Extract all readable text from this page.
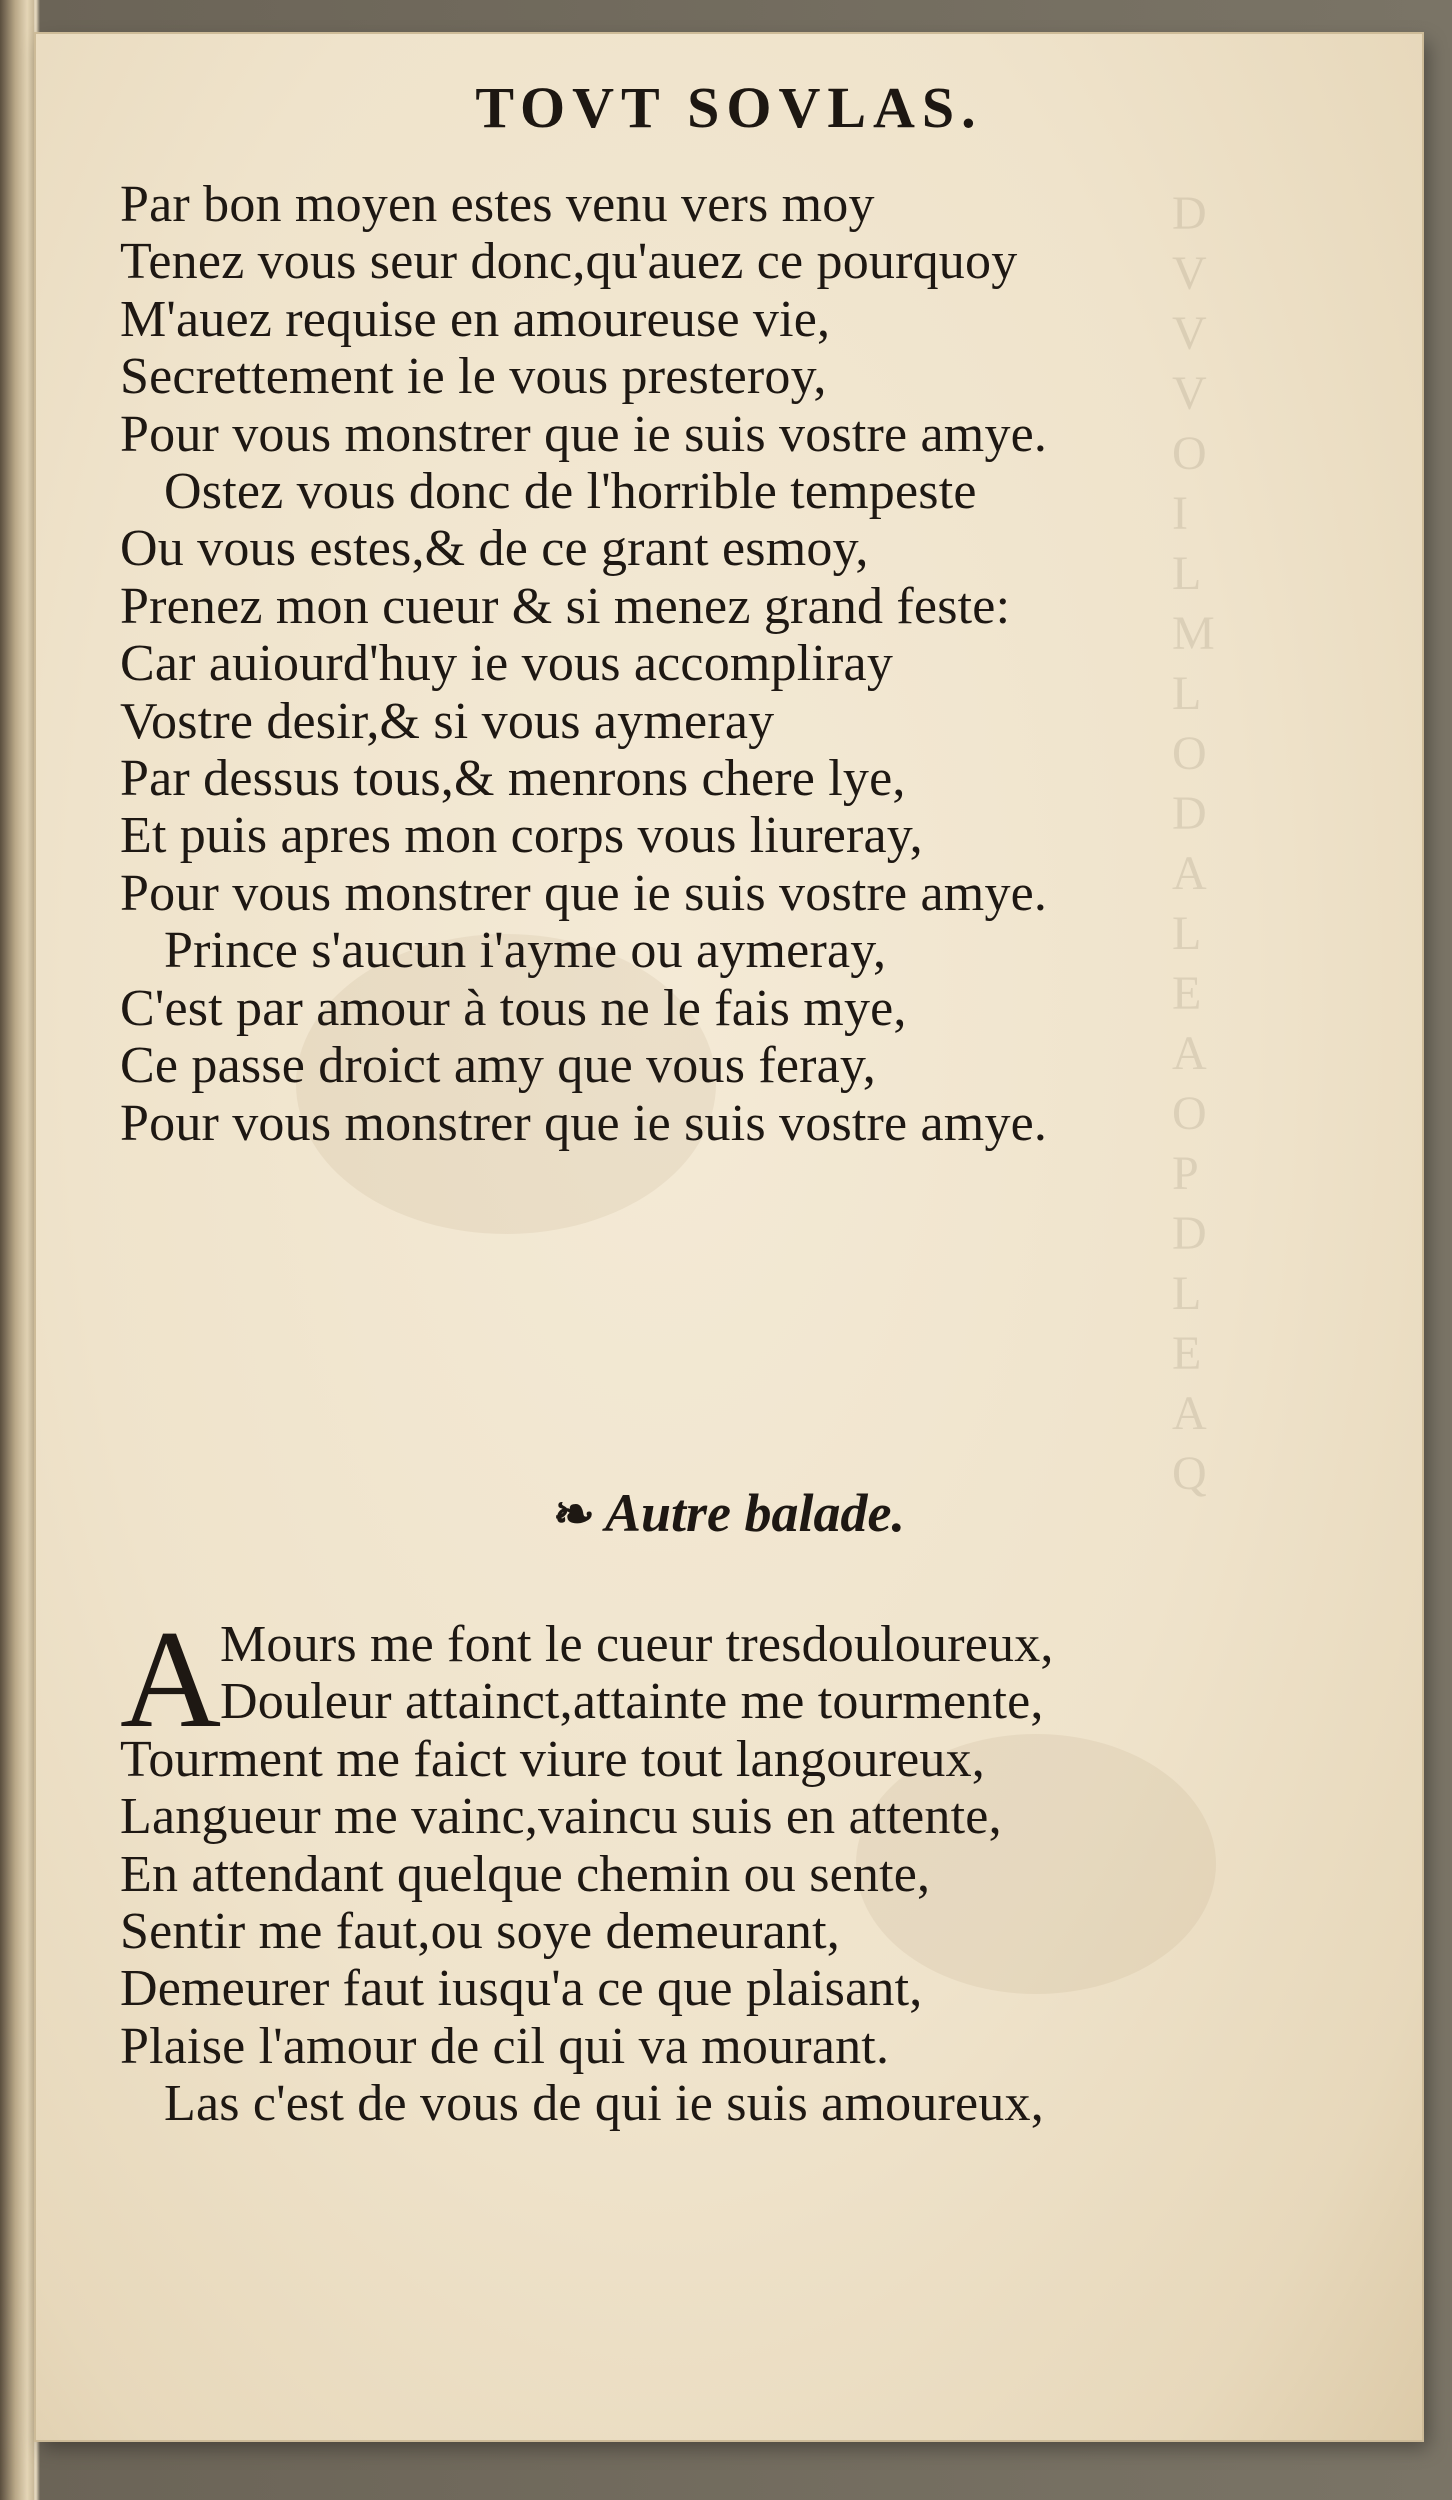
D
V
V
V
O
I
L
M
L
O
D
A
L
E
A
O
P
D
L
E
A
Q
TOVT SOVLAS.
Par bon moyen estes venu vers moy
Tenez vous seur donc,qu'auez ce pourquoy
M'auez requise en amoureuse vie,
Secrettement ie le vous presteroy,
Pour vous monstrer que ie suis vostre amye.
Ostez vous donc de l'horrible tempeste
Ou vous estes,& de ce grant esmoy,
Prenez mon cueur & si menez grand feste:
Car auiourd'huy ie vous accompliray
Vostre desir,& si vous aymeray
Par dessus tous,& menrons chere lye,
Et puis apres mon corps vous liureray,
Pour vous monstrer que ie suis vostre amye.
Prince s'aucun i'ayme ou aymeray,
C'est par amour à tous ne le fais mye,
Ce passe droict amy que vous feray,
Pour vous monstrer que ie suis vostre amye.
❧ Autre balade.
A
Mours me font le cueur tresdouloureux,
Douleur attainct,attainte me tourmente,
Tourment me faict viure tout langoureux,
Langueur me vainc,vaincu suis en attente,
En attendant quelque chemin ou sente,
Sentir me faut,ou soye demeurant,
Demeurer faut iusqu'a ce que plaisant,
Plaise l'amour de cil qui va mourant.
Las c'est de vous de qui ie suis amoureux,
